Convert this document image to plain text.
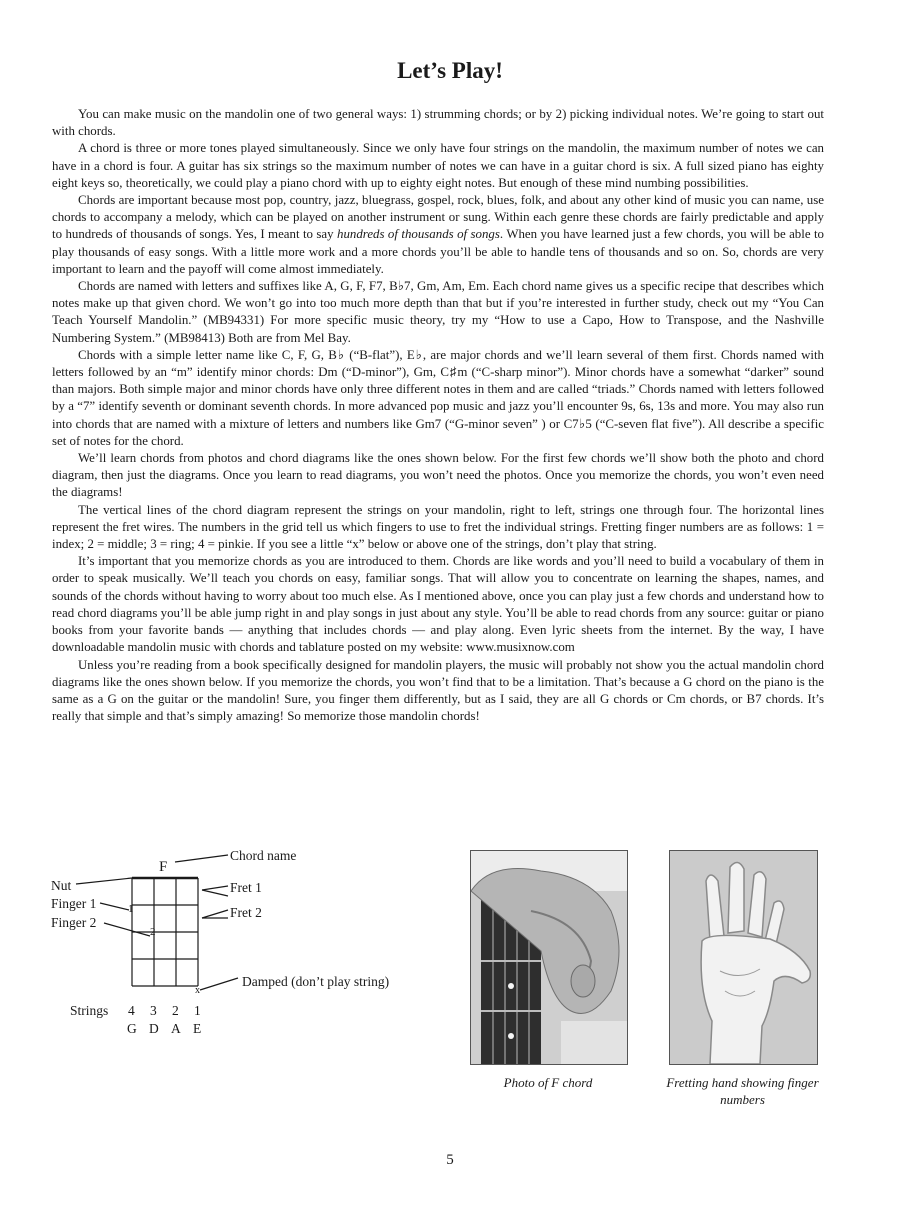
Let’s Play!

You can make music on the mandolin one of two general ways: 1) strumming chords; or by 2) picking individual notes. We’re going to start out with chords.

A chord is three or more tones played simultaneously. Since we only have four strings on the mandolin, the maximum number of notes we can have in a chord is four. A guitar has six strings so the maximum number of notes we can have in a guitar chord is six. A full sized piano has eighty eight keys so, theoretically, we could play a piano chord with up to eighty eight notes. But enough of these mind numbing possibilities.

Chords are important because most pop, country, jazz, bluegrass, gospel, rock, blues, folk, and about any other kind of music you can name, use chords to accompany a melody, which can be played on another instrument or sung. Within each genre these chords are fairly predictable and apply to hundreds of thousands of songs. Yes, I meant to say hundreds of thousands of songs. When you have learned just a few chords, you will be able to play thousands of easy songs. With a little more work and a more chords you’ll be able to handle tens of thousands and so on. So, chords are very important to learn and the payoff will come almost immediately.

Chords are named with letters and suffixes like A, G, F, F7, B♭7, Gm, Am, Em. Each chord name gives us a specific recipe that describes which notes make up that given chord. We won’t go into too much more depth than that but if you’re interested in further study, check out my “You Can Teach Yourself Mandolin.” (MB94331) For more specific music theory, try my “How to use a Capo, How to Transpose, and the Nashville Numbering System.” (MB98413) Both are from Mel Bay.

Chords with a simple letter name like C, F, G, B♭ (“B-flat”), E♭, are major chords and we’ll learn several of them first. Chords named with letters followed by an “m” identify minor chords: Dm (“D-minor”), Gm, C♯m (“C-sharp minor”). Minor chords have a somewhat “darker” sound than majors. Both simple major and minor chords have only three different notes in them and are called “triads.” Chords named with letters followed by a “7” identify seventh or dominant seventh chords. In more advanced pop music and jazz you’ll encounter 9s, 6s, 13s and more. You may also run into chords that are named with a mixture of letters and numbers like Gm7 (“G-minor seven” ) or C7♭5 (“C-seven flat five”). All describe a specific set of notes for the chord.

We’ll learn chords from photos and chord diagrams like the ones shown below. For the first few chords we’ll show both the photo and chord diagram, then just the diagrams. Once you learn to read diagrams, you won’t need the photos. Once you memorize the chords, you won’t even need the diagrams!

The vertical lines of the chord diagram represent the strings on your mandolin, right to left, strings one through four. The horizontal lines represent the fret wires. The numbers in the grid tell us which fingers to use to fret the individual strings. Fretting finger numbers are as follows: 1 = index; 2 = middle; 3 = ring; 4 = pinkie. If you see a little “x” below or above one of the strings, don’t play that string.

It’s important that you memorize chords as you are introduced to them. Chords are like words and you’ll need to build a vocabulary of them in order to speak musically. We’ll teach you chords on easy, familiar songs. That will allow you to concentrate on learning the shapes, names, and sounds of the chords without having to worry about too much else. As I mentioned above, once you can play just a few chords and understand how to read chord diagrams you’ll be able jump right in and play songs in just about any style. You’ll be able to read chords from any source: guitar or piano books from your favorite bands — anything that includes chords — and play along. Even lyric sheets from the internet. By the way, I have downloadable mandolin music with chords and tablature posted on my website: www.musixnow.com

Unless you’re reading from a book specifically designed for mandolin players, the music will probably not show you the actual mandolin chord diagrams like the ones shown below. If you memorize the chords, you won’t find that to be a limitation. That’s because a G chord on the piano is the same as a G on the guitar or the mandolin! Sure, you finger them differently, but as I said, they are all G chords or Cm chords, or B7 chords. It’s really that simple and that’s simply amazing! So memorize those mandolin chords!

F
1
2
x
Chord name
Nut
Finger 1
Finger 2
Fret 1
Fret 2
Damped (don’t play string)
Strings 4 3 2 1
G D A E
Photo of F chord	Fretting hand showing finger numbers
5
